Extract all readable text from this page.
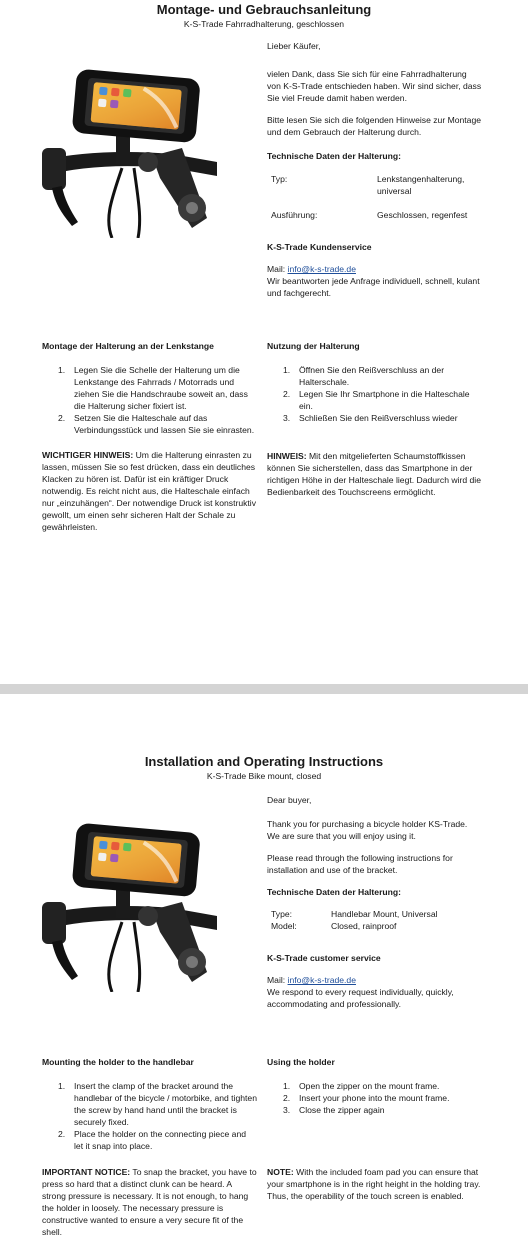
Montage- und Gebrauchsanleitung
K-S-Trade Fahrradhalterung, geschlossen

Lieber Käufer,

vielen Dank, dass Sie sich für eine Fahrradhalterung von K-S-Trade entschieden haben. Wir sind sicher, dass Sie viel Freude damit haben werden.

Bitte lesen Sie sich die folgenden Hinweise zur Montage und dem Gebrauch der Halterung durch.

Technische Daten der Halterung:

Typ:	Lenkstangenhalterung, universal
Ausführung:	Geschlossen, regenfest

K-S-Trade Kundenservice

Mail: info@k-s-trade.de

Wir beantworten jede Anfrage individuell, schnell, kulant und fachgerecht.

Montage der Halterung an der Lenkstange

1. Legen Sie die Schelle der Halterung um die Lenkstange des Fahrrads / Motorrads und ziehen Sie die Handschraube soweit an, dass die Halterung sicher fixiert ist.
2. Setzen Sie die Halteschale auf das Verbindungsstück und lassen Sie sie einrasten.

WICHTIGER HINWEIS: Um die Halterung einrasten zu lassen, müssen Sie so fest drücken, dass ein deutliches Klacken zu hören ist. Dafür ist ein kräftiger Druck notwendig. Es reicht nicht aus, die Halteschale einfach nur „einzuhängen“. Der notwendige Druck ist konstruktiv gewollt, um einen sehr sicheren Halt der Schale zu gewährleisten.

Nutzung der Halterung

1. Öffnen Sie den Reißverschluss an der Halterschale.
2. Legen Sie Ihr Smartphone in die Halteschale ein.
3. Schließen Sie den Reißverschluss wieder

HINWEIS: Mit den mitgelieferten Schaumstoffkissen können Sie sicherstellen, dass das Smartphone in der richtigen Höhe in der Halteschale liegt. Dadurch wird die Bedienbarkeit des Touchscreens ermöglicht.

Installation and Operating Instructions
K-S-Trade Bike mount, closed

Dear buyer,

Thank you for purchasing a bicycle holder KS-Trade. We are sure that you will enjoy using it.

Please read through the following instructions for installation and use of the bracket.

Technische Daten der Halterung:

Type:	Handlebar Mount, Universal
Model:	Closed, rainproof

K-S-Trade customer service

Mail: info@k-s-trade.de

We respond to every request individually, quickly, accommodating and professionally.

Mounting the holder to the handlebar

1. Insert the clamp of the bracket around the handlebar of the bicycle / motorbike, and tighten the screw by hand hand until the bracket is securely fixed.
2. Place the holder on the connecting piece and let it snap into place.

IMPORTANT NOTICE: To snap the bracket, you have to press so hard that a distinct clunk can be heard. A strong pressure is necessary. It is not enough, to hang the holder in loosely. The necessary pressure is constructive wanted to ensure a very secure fit of the shell.

Using the holder

1. Open the zipper on the mount frame.
2. Insert your phone into the mount frame.
3. Close the zipper again

NOTE: With the included foam pad you can ensure that your smartphone is in the right height in the holding tray. Thus, the operability of the touch screen is enabled.
